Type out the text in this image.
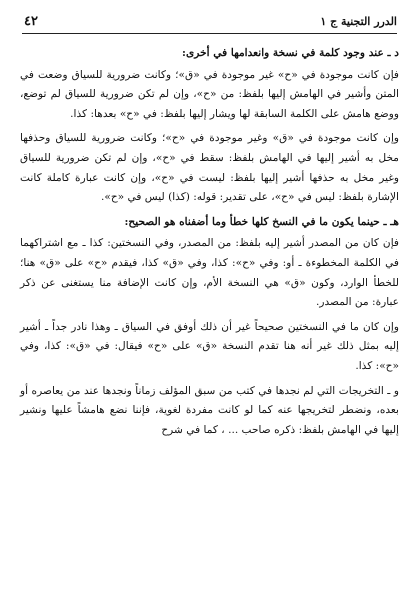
٤٢	الدرر التجنية ج ١

د ـ عند وجود كلمة في نسخة وانعدامها في أخرى:

فإن كانت موجودة في «ح» غير موجودة في «ق»؛ وكانت ضرورية للسياق وضعت في المتن وأشير في الهامش إليها بلفظ: من «ح»، وإن لم تكن ضرورية للسياق لم توضع، ووضع هامش على الكلمة السابقة لها ويشار إليها بلفظ: في «ح» بعدها: كذا.

وإن كانت موجودة في «ق» وغير موجودة في «ح»؛ وكانت ضرورية للسياق وحذفها مخل به أشير إليها في الهامش بلفظ: سقط في «ح»، وإن لم تكن ضرورية للسياق وغير مخل به حذفها أشير إليها بلفظ: ليست في «ح»، وإن كانت عبارة كاملة كانت الإشارة بلفظ: ليس في «ح»، على تقدير: قوله: (كذا) ليس في «ح».

هـ ـ حينما يكون ما في النسخ كلها خطأ وما أضفناه هو الصحيح:

فإن كان من المصدر أشير إليه بلفظ: من المصدر، وفي النسختين: كذا ـ مع اشتراكهما في الكلمة المخطوءة ـ أو: وفي «ح»: كذا، وفي «ق» كذا، فيقدم «ح» على «ق» هنا؛ للخطأ الوارد، وكون «ق» هي النسخة الأم، وإن كانت الإضافة منا يستغنى عن ذكر عبارة: من المصدر.

وإن كان ما في النسختين صحيحاً غير أن ذلك أوفق في السياق ـ وهذا نادر جداً ـ أشير إليه بمثل ذلك غير أنه هنا تقدم النسخة «ق» على «ح» فيقال: في «ق»: كذا، وفي «ح»: كذا.

و ـ التخريجات التي لم نجدها في كتب من سبق المؤلف زماناً ونجدها عند من يعاصره أو بعده، ونضطر لتخريجها عنه كما لو كانت مفردة لغوية، فإننا نضع هامشاً عليها ونشير إليها في الهامش بلفظ: ذكره صاحب ... ، كما في شرح
